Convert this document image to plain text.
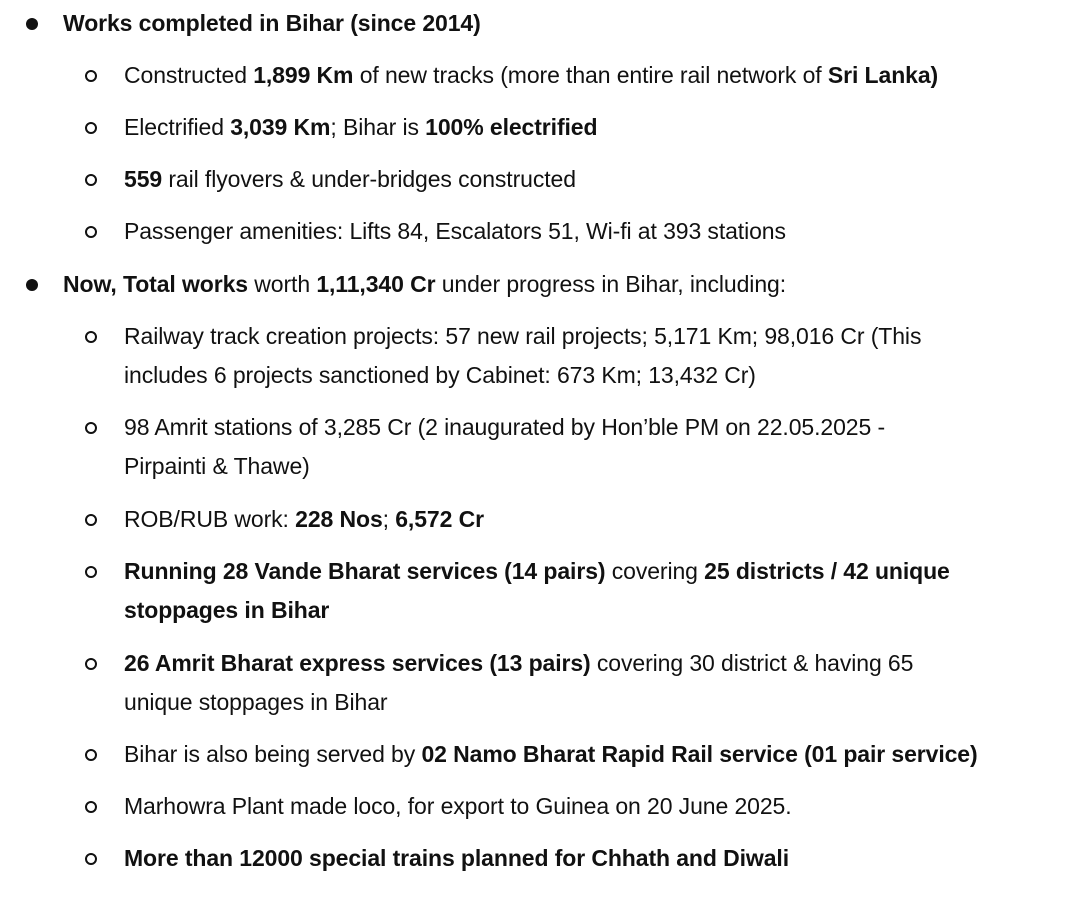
Works completed in Bihar (since 2014)
Constructed 1,899 Km of new tracks (more than entire rail network of Sri Lanka)
Electrified 3,039 Km; Bihar is 100% electrified
559 rail flyovers & under-bridges constructed
Passenger amenities: Lifts 84, Escalators 51, Wi-fi at 393 stations
Now, Total works worth 1,11,340 Cr under progress in Bihar, including:
Railway track creation projects: 57 new rail projects; 5,171 Km; 98,016 Cr (This
includes 6 projects sanctioned by Cabinet: 673 Km; 13,432 Cr)
98 Amrit stations of 3,285 Cr (2 inaugurated by Hon’ble PM on 22.05.2025 -
Pirpainti & Thawe)
ROB/RUB work: 228 Nos; 6,572 Cr
Running 28 Vande Bharat services (14 pairs) covering 25 districts / 42 unique
stoppages in Bihar
26 Amrit Bharat express services (13 pairs) covering 30 district & having 65
unique stoppages in Bihar
Bihar is also being served by 02 Namo Bharat Rapid Rail service (01 pair service)
Marhowra Plant made loco, for export to Guinea on 20 June 2025.
More than 12000 special trains planned for Chhath and Diwali
